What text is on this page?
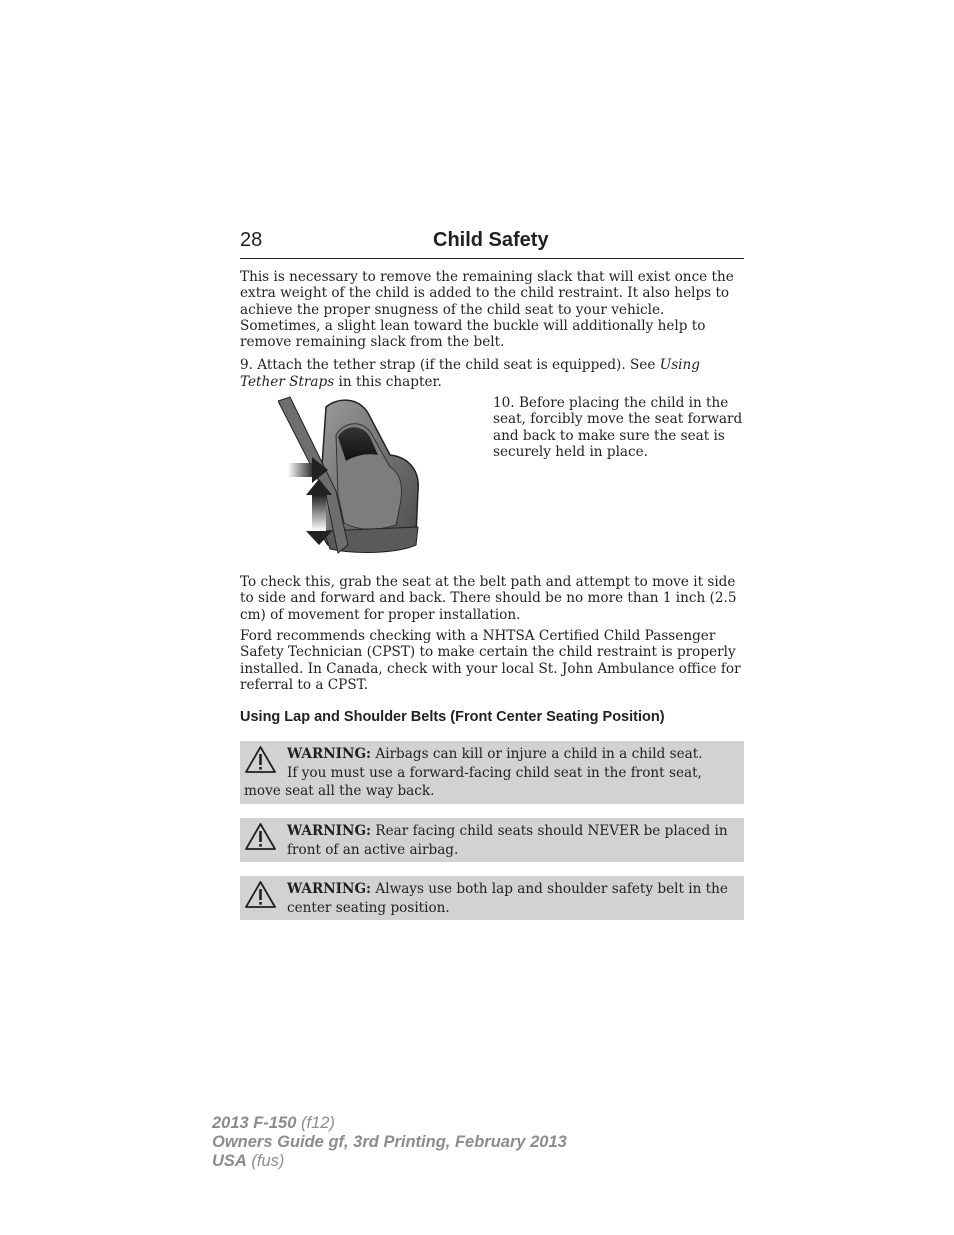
28	Child Safety

This is necessary to remove the remaining slack that will exist once the extra weight of the child is added to the child restraint. It also helps to achieve the proper snugness of the child seat to your vehicle. Sometimes, a slight lean toward the buckle will additionally help to remove remaining slack from the belt.

9. Attach the tether strap (if the child seat is equipped). See Using Tether Straps in this chapter.

10. Before placing the child in the seat, forcibly move the seat forward and back to make sure the seat is securely held in place.

To check this, grab the seat at the belt path and attempt to move it side to side and forward and back. There should be no more than 1 inch (2.5 cm) of movement for proper installation.

Ford recommends checking with a NHTSA Certified Child Passenger Safety Technician (CPST) to make certain the child restraint is properly installed. In Canada, check with your local St. John Ambulance office for referral to a CPST.

Using Lap and Shoulder Belts (Front Center Seating Position)
WARNING: Airbags can kill or injure a child in a child seat.
If you must use a forward-facing child seat in the front seat,
move seat all the way back.
WARNING: Rear facing child seats should NEVER be placed in front of an active airbag.
WARNING: Always use both lap and shoulder safety belt in the center seating position.
2013 F-150 (f12)
Owners Guide gf, 3rd Printing, February 2013
USA (fus)
